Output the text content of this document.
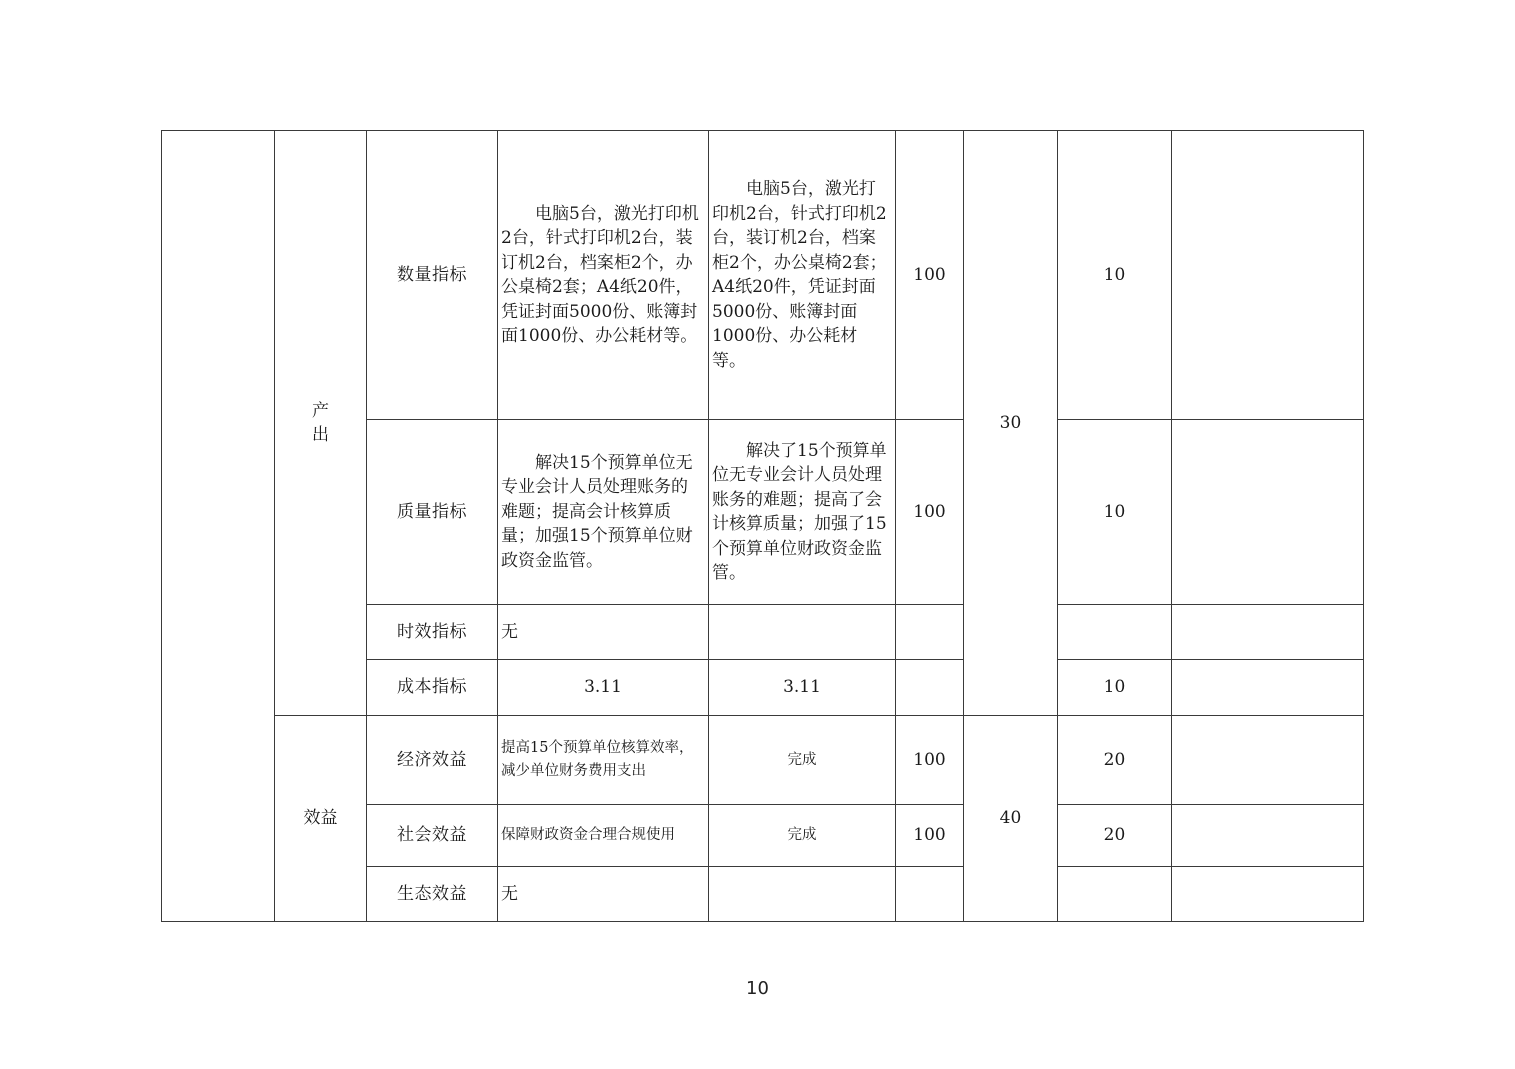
	产 出	数量指标	电脑5台，激光打印机2台，针式打印机2台，装订机2台，档案柜2个，办公桌椅2套；A4纸20件，凭证封面5000份、账簿封面1000份、办公耗材等。	电脑5台，激光打印机2台，针式打印机2台，装订机2台，档案柜2个，办公桌椅2套；A4纸20件，凭证封面5000份、账簿封面1000份、办公耗材等。	100	30	10	
		质量指标	解决15个预算单位无专业会计人员处理账务的难题；提高会计核算质量；加强15个预算单位财政资金监管。	解决了15个预算单位无专业会计人员处理账务的难题；提高了会计核算质量；加强了15个预算单位财政资金监管。	100		10	
		时效指标	无					
		成本指标	3.11	3.11			10	
	效益	经济效益	提高15个预算单位核算效率，减少单位财务费用支出	完成	100	40	20	
		社会效益	保障财政资金合理合规使用	完成	100		20	
		生态效益	无					
10
